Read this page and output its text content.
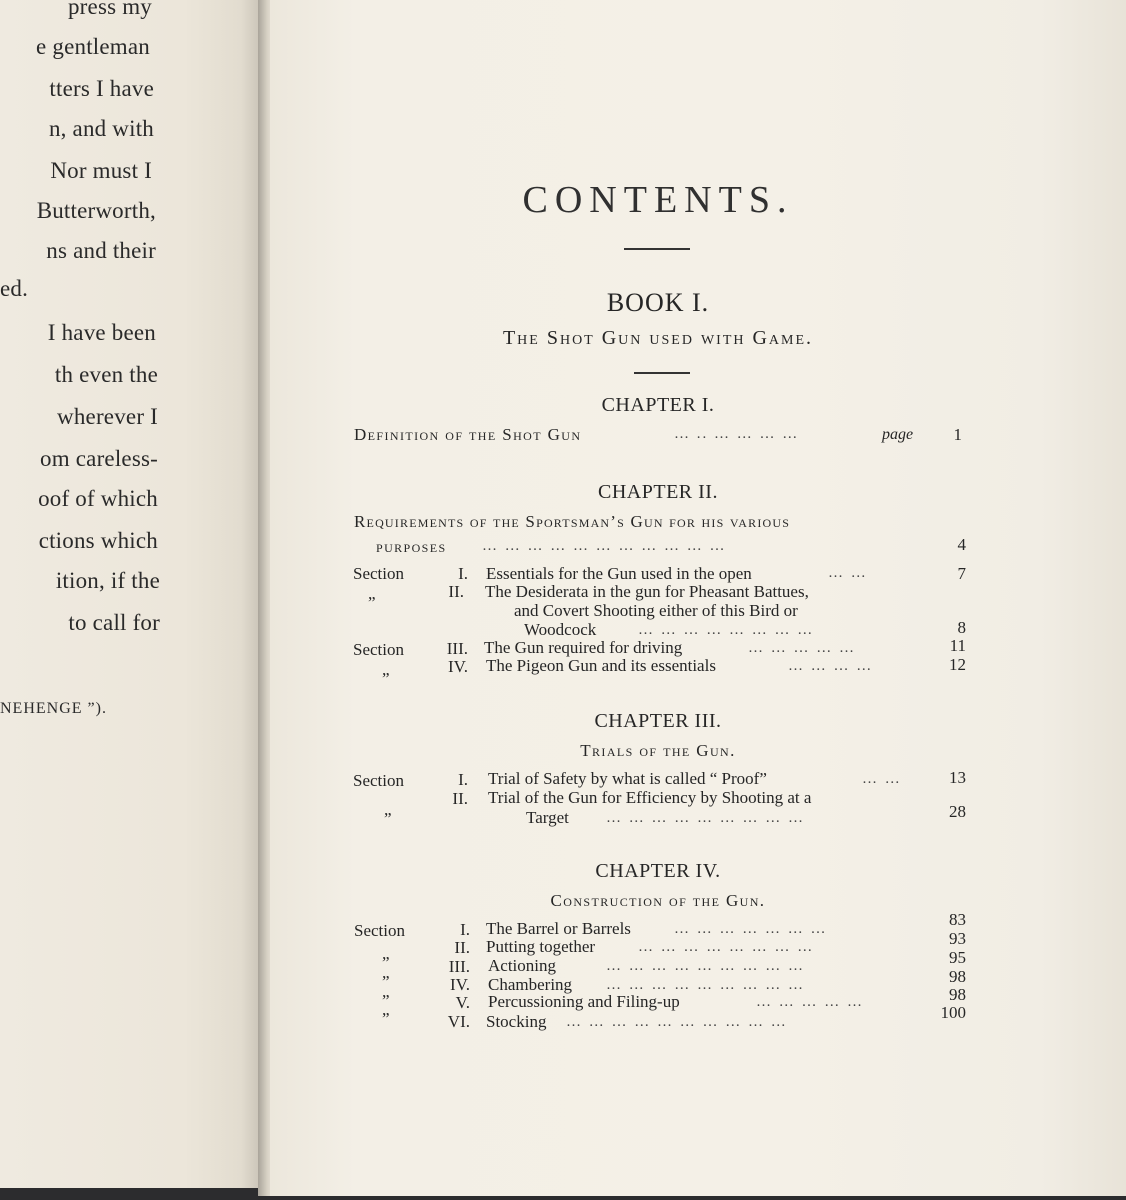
press my
e gentleman
tters I have
n, and with
Nor must I
Butterworth,
ns and their
ed.
I have been
th even the
wherever I
om careless-
oof of which
ctions which
ition, if the
to call for
NEHENGE ”).
CONTENTS.
BOOK I.
The Shot Gun used with Game.
CHAPTER I.
Definition of the Shot Gun	… .. … … … …	page	1
CHAPTER II.
Requirements of the Sportsman’s Gun for his various
purposes … … … … … … … … … … …	4
Section	I. Essentials for the Gun used in the open	… …	7
„	II. The Desiderata in the gun for Pheasant Battues,
and Covert Shooting either of this Bird or
Woodcock	… … … … … … … …	8
Section	III. The Gun required for driving	… … … … …	11
„	IV. The Pigeon Gun and its essentials	… … … …	12
CHAPTER III.
Trials of the Gun.
Section	I. Trial of Safety by what is called “ Proof”	… …	13
„
II. Trial of the Gun for Efficiency by Shooting at a
Target … … … … … … … … …	28
CHAPTER IV.
Construction of the Gun.
Section	I. The Barrel or Barrels	… … … … … … …	83
„	II. Putting together	… … … … … … … …	93
„	III. Actioning	… … … … … … … … …	95
„	IV. Chambering … … … … … … … … …	98
„	V. Percussioning and Filing-up	… … … … …	98
VI. Stocking … … … … … … … … … …	100
